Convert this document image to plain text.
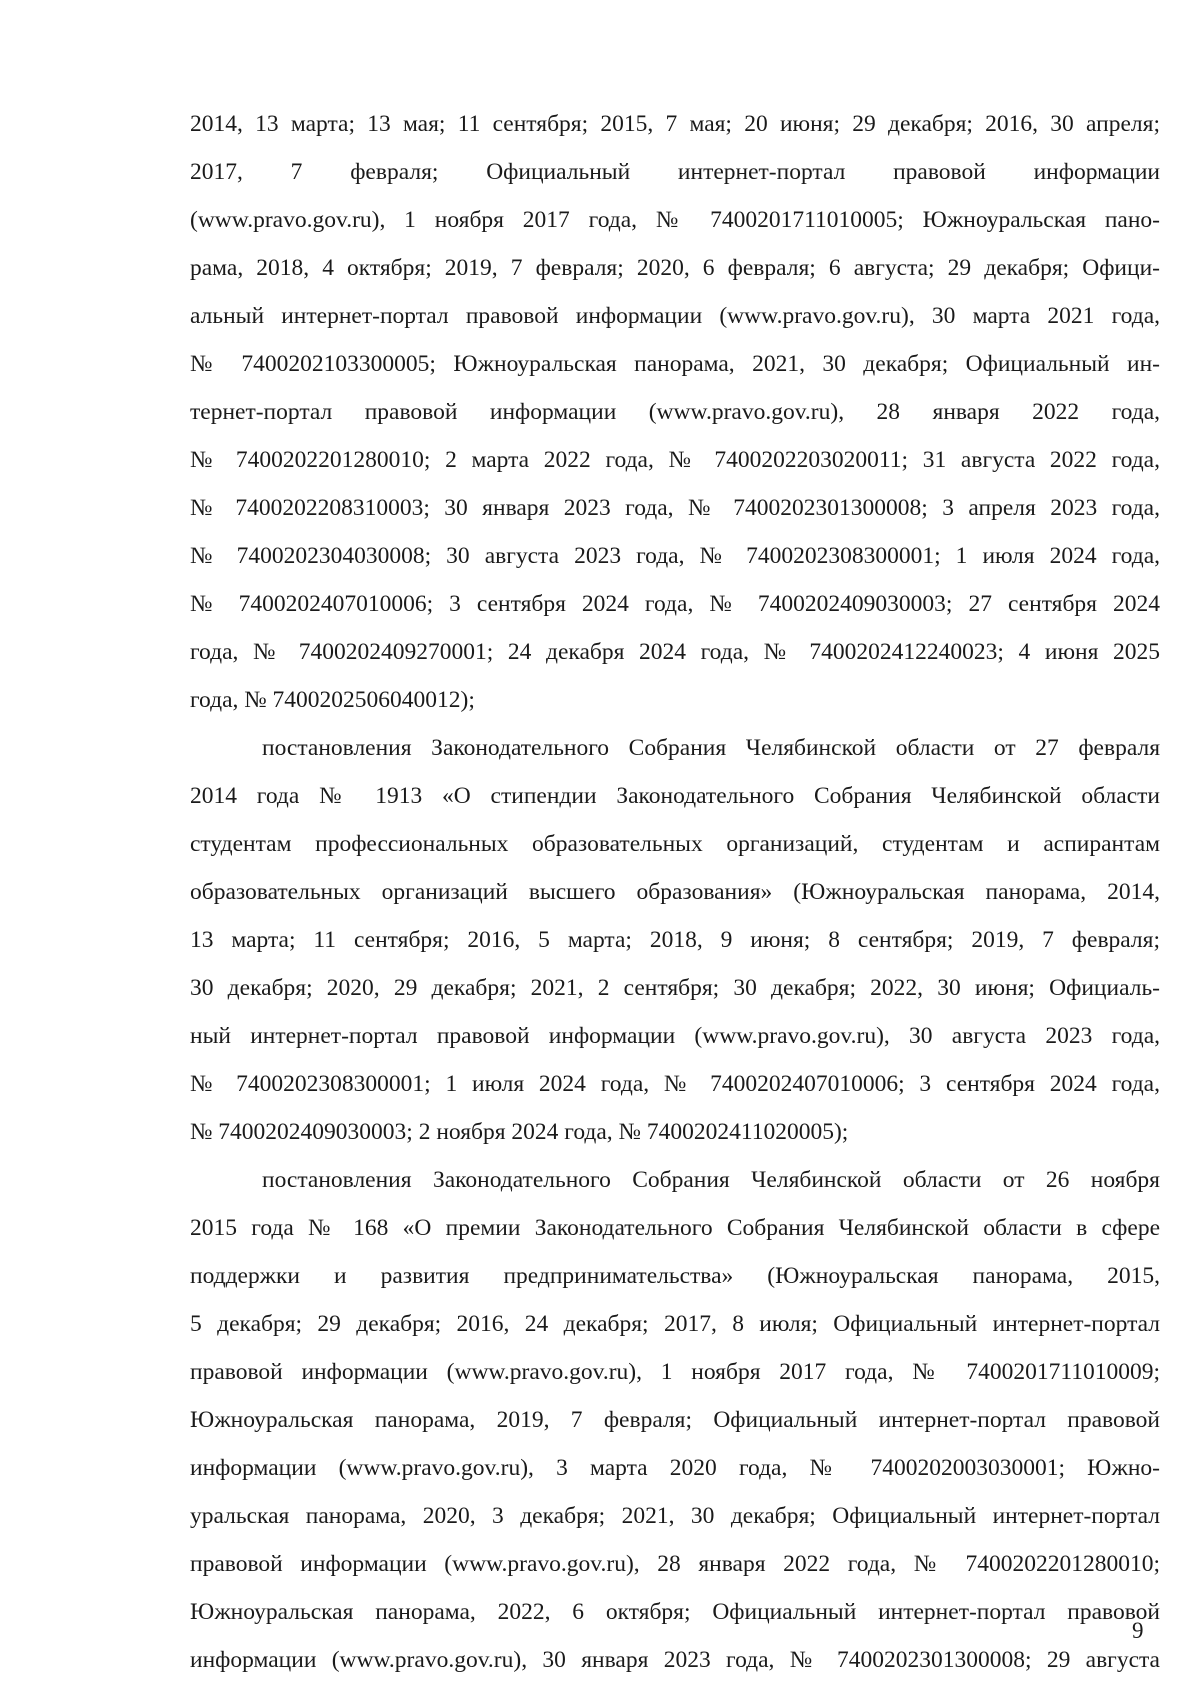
2014, 13 марта; 13 мая; 11 сентября; 2015, 7 мая; 20 июня; 29 декабря; 2016, 30 апреля;
2017, 7 февраля; Официальный интернет-портал правовой информации
(www.pravo.gov.ru), 1 ноября 2017 года, № 7400201711010005; Южноуральская пано-
рама, 2018, 4 октября; 2019, 7 февраля; 2020, 6 февраля; 6 августа; 29 декабря; Офици-
альный интернет-портал правовой информации (www.pravo.gov.ru), 30 марта 2021 года,
№ 7400202103300005; Южноуральская панорама, 2021, 30 декабря; Официальный ин-
тернет-портал правовой информации (www.pravo.gov.ru), 28 января 2022 года,
№ 7400202201280010; 2 марта 2022 года, № 7400202203020011; 31 августа 2022 года,
№ 7400202208310003; 30 января 2023 года, № 7400202301300008; 3 апреля 2023 года,
№ 7400202304030008; 30 августа 2023 года, № 7400202308300001; 1 июля 2024 года,
№ 7400202407010006; 3 сентября 2024 года, № 7400202409030003; 27 сентября 2024
года, № 7400202409270001; 24 декабря 2024 года, № 7400202412240023; 4 июня 2025
года, № 7400202506040012);
постановления Законодательного Собрания Челябинской области от 27 февраля
2014 года № 1913 «О стипендии Законодательного Собрания Челябинской области
студентам профессиональных образовательных организаций, студентам и аспирантам
образовательных организаций высшего образования» (Южноуральская панорама, 2014,
13 марта; 11 сентября; 2016, 5 марта; 2018, 9 июня; 8 сентября; 2019, 7 февраля;
30 декабря; 2020, 29 декабря; 2021, 2 сентября; 30 декабря; 2022, 30 июня; Официаль-
ный интернет-портал правовой информации (www.pravo.gov.ru), 30 августа 2023 года,
№ 7400202308300001; 1 июля 2024 года, № 7400202407010006; 3 сентября 2024 года,
№ 7400202409030003; 2 ноября 2024 года, № 7400202411020005);
постановления Законодательного Собрания Челябинской области от 26 ноября
2015 года № 168 «О премии Законодательного Собрания Челябинской области в сфере
поддержки и развития предпринимательства» (Южноуральская панорама, 2015,
5 декабря; 29 декабря; 2016, 24 декабря; 2017, 8 июля; Официальный интернет-портал
правовой информации (www.pravo.gov.ru), 1 ноября 2017 года, № 7400201711010009;
Южноуральская панорама, 2019, 7 февраля; Официальный интернет-портал правовой
информации (www.pravo.gov.ru), 3 марта 2020 года, № 7400202003030001; Южно-
уральская панорама, 2020, 3 декабря; 2021, 30 декабря; Официальный интернет-портал
правовой информации (www.pravo.gov.ru), 28 января 2022 года, № 7400202201280010;
Южноуральская панорама, 2022, 6 октября; Официальный интернет-портал правовой
информации (www.pravo.gov.ru), 30 января 2023 года, № 7400202301300008; 29 августа
9
